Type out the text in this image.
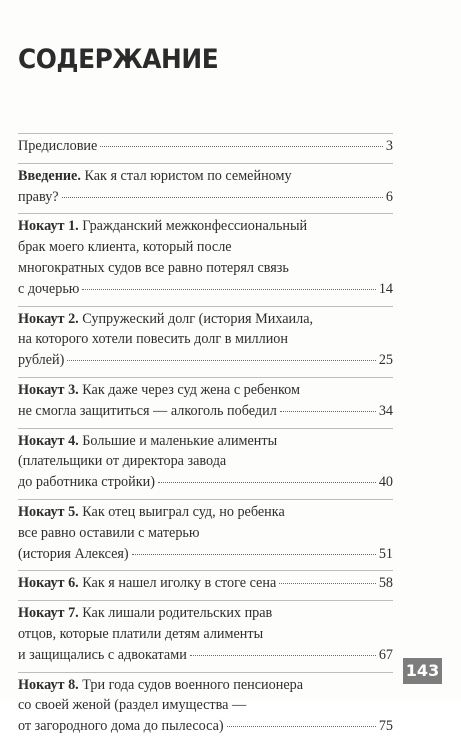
СОДЕРЖАНИЕ
Предисловие	3
Введение. Как я стал юристом по семейному
праву?	6
Нокаут 1. Гражданский межконфессиональный
брак моего клиента, который после
многократных судов все равно потерял связь
с дочерью	14
Нокаут 2. Супружеский долг (история Михаила,
на которого хотели повесить долг в миллион
рублей)	25
Нокаут 3. Как даже через суд жена с ребенком
не смогла защититься — алкоголь победил	34
Нокаут 4. Большие и маленькие алименты
(плательщики от директора завода
до работника стройки)	40
Нокаут 5. Как отец выиграл суд, но ребенка
все равно оставили с матерью
(история Алексея)	51
Нокаут 6. Как я нашел иголку в стоге сена	58
Нокаут 7. Как лишали родительских прав
отцов, которые платили детям алименты
и защищались с адвокатами	67
Нокаут 8. Три года судов военного пенсионера
со своей женой (раздел имущества —
от загородного дома до пылесоса)	75
143
